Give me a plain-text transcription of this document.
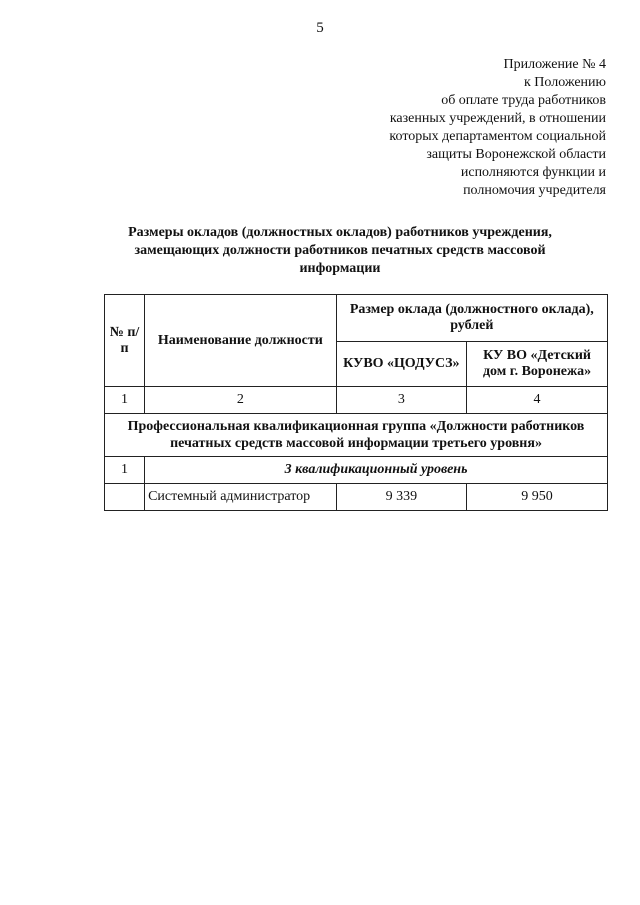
5
Приложение № 4
к Положению
об оплате труда работников
казенных учреждений, в отношении
которых департаментом социальной
защиты Воронежской области
исполняются функции и
полномочия учредителя
Размеры окладов (должностных окладов) работников учреждения, замещающих должности работников печатных средств массовой информации
№ п/п	Наименование должности	Размер оклада (должностного оклада), рублей	
		КУВО «ЦОДУСЗ»	КУ ВО «Детский дом г. Воронежа»
1	2	3	4
Профессиональная квалификационная группа «Должности работников печатных средств массовой информации третьего уровня»			
1	3 квалификационный уровень		
	Системный администратор	9 339	9 950
